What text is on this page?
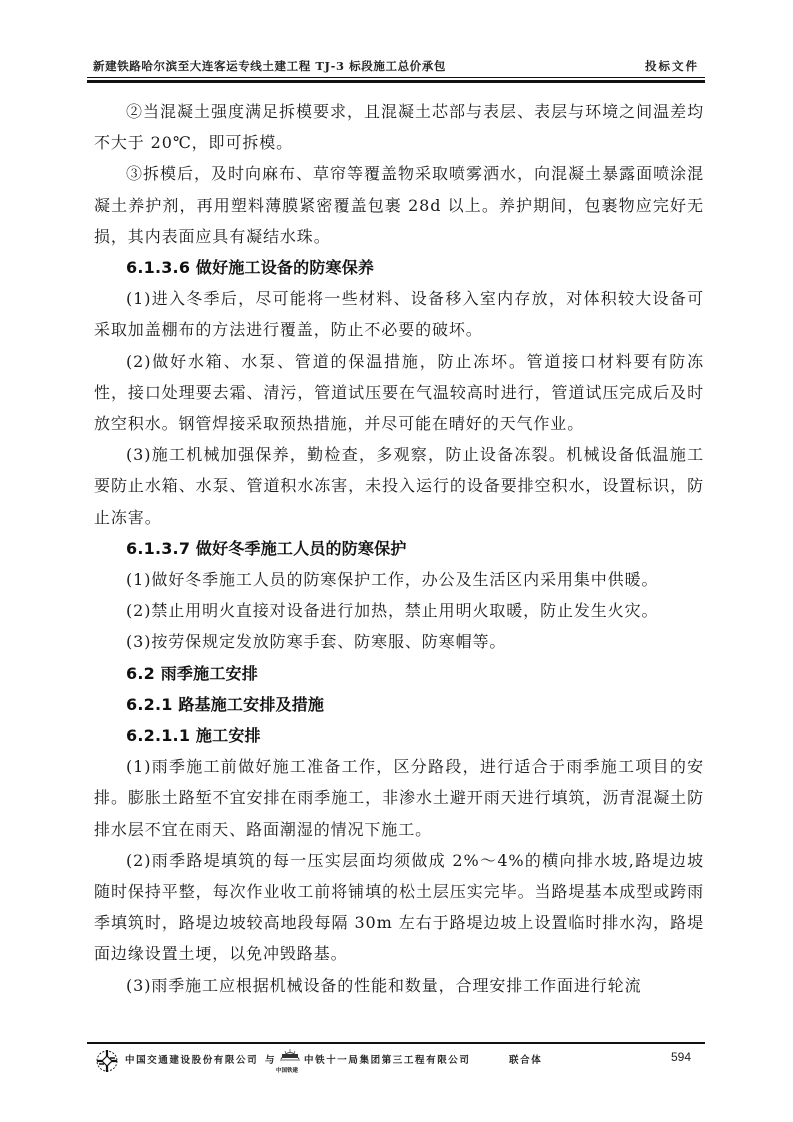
新建铁路哈尔滨至大连客运专线土建工程 TJ-3 标段施工总价承包	投标文件

②当混凝土强度满足拆模要求，且混凝土芯部与表层、表层与环境之间温差均不大于 20℃，即可拆模。

③拆模后，及时向麻布、草帘等覆盖物采取喷雾洒水，向混凝土暴露面喷涂混凝土养护剂，再用塑料薄膜紧密覆盖包裹 28d 以上。养护期间，包裹物应完好无损，其内表面应具有凝结水珠。

6.1.3.6 做好施工设备的防寒保养

(1)进入冬季后，尽可能将一些材料、设备移入室内存放，对体积较大设备可采取加盖棚布的方法进行覆盖，防止不必要的破坏。

(2)做好水箱、水泵、管道的保温措施，防止冻坏。管道接口材料要有防冻性，接口处理要去霜、清污，管道试压要在气温较高时进行，管道试压完成后及时放空积水。钢管焊接采取预热措施，并尽可能在晴好的天气作业。

(3)施工机械加强保养，勤检查，多观察，防止设备冻裂。机械设备低温施工要防止水箱、水泵、管道积水冻害，未投入运行的设备要排空积水，设置标识，防止冻害。

6.1.3.7 做好冬季施工人员的防寒保护

(1)做好冬季施工人员的防寒保护工作，办公及生活区内采用集中供暖。

(2)禁止用明火直接对设备进行加热，禁止用明火取暖，防止发生火灾。

(3)按劳保规定发放防寒手套、防寒服、防寒帽等。

6.2 雨季施工安排
6.2.1 路基施工安排及措施
6.2.1.1 施工安排

(1)雨季施工前做好施工准备工作，区分路段，进行适合于雨季施工项目的安排。膨胀土路堑不宜安排在雨季施工，非渗水土避开雨天进行填筑，沥青混凝土防排水层不宜在雨天、路面潮湿的情况下施工。

(2)雨季路堤填筑的每一压实层面均须做成 2%～4%的横向排水坡,路堤边坡随时保持平整，每次作业收工前将铺填的松土层压实完毕。当路堤基本成型或跨雨季填筑时，路堤边坡较高地段每隔 30m 左右于路堤边坡上设置临时排水沟，路堤面边缘设置土埂，以免冲毁路基。

(3)雨季施工应根据机械设备的性能和数量，合理安排工作面进行轮流

中国交通建设股份有限公司 与
中国铁建
中铁十一局集团第三工程有限公司	联合体	594
